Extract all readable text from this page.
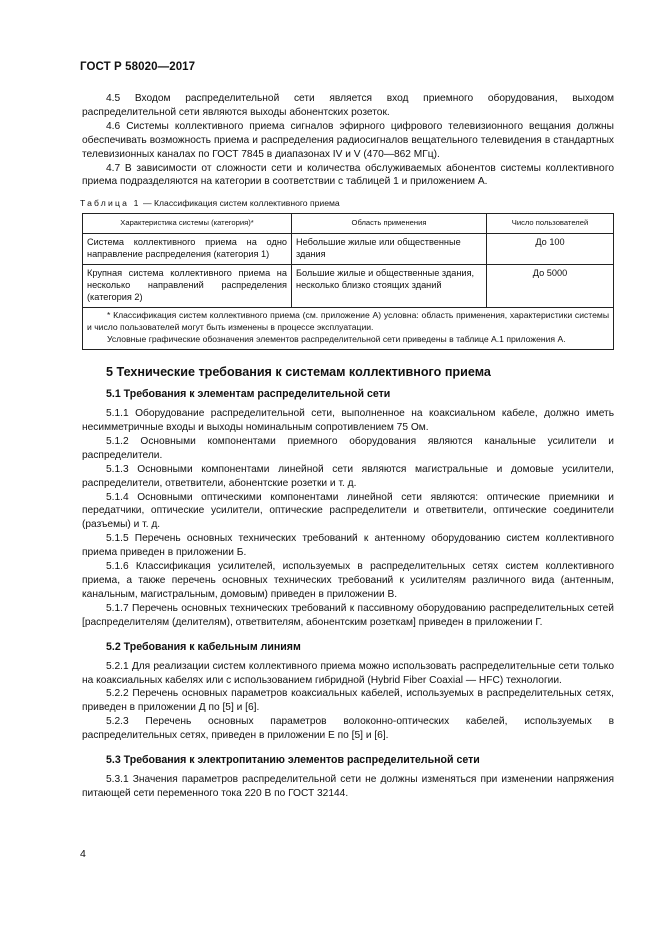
ГОСТ Р 58020—2017

4.5 Входом распределительной сети является вход приемного оборудования, выходом распределительной сети являются выходы абонентских розеток.

4.6 Системы коллективного приема сигналов эфирного цифрового телевизионного вещания должны обеспечивать возможность приема и распределения радиосигналов вещательного телевидения в стандартных телевизионных каналах по ГОСТ 7845 в диапазонах IV и V (470—862 МГц).

4.7 В зависимости от сложности сети и количества обслуживаемых абонентов системы коллективного приема подразделяются на категории в соответствии с таблицей 1 и приложением А.

Таблица 1 — Классификация систем коллективного приема

Характеристика системы (категория)*	Область применения	Число пользователей
Система коллективного приема на одно направление распределения (категория 1)	Небольшие жилые или общественные здания	До 100
Крупная система коллективного приема на несколько направлений распределения (категория 2)	Большие жилые и общественные здания, несколько близко стоящих зданий	До 5000

* Классификация систем коллективного приема (см. приложение А) условна: область применения, характеристики системы и число пользователей могут быть изменены в процессе эксплуатации.

Условные графические обозначения элементов распределительной сети приведены в таблице А.1 приложения А.		

5 Технические требования к системам коллективного приема
5.1 Требования к элементам распределительной сети

5.1.1 Оборудование распределительной сети, выполненное на коаксиальном кабеле, должно иметь несимметричные входы и выходы номинальным сопротивлением 75 Ом.

5.1.2 Основными компонентами приемного оборудования являются канальные усилители и распределители.

5.1.3 Основными компонентами линейной сети являются магистральные и домовые усилители, распределители, ответвители, абонентские розетки и т. д.

5.1.4 Основными оптическими компонентами линейной сети являются: оптические приемники и передатчики, оптические усилители, оптические распределители и ответвители, оптические соединители (разъемы) и т. д.

5.1.5 Перечень основных технических требований к антенному оборудованию систем коллективного приема приведен в приложении Б.

5.1.6 Классификация усилителей, используемых в распределительных сетях систем коллективного приема, а также перечень основных технических требований к усилителям различного вида (антенным, канальным, магистральным, домовым) приведен в приложении В.

5.1.7 Перечень основных технических требований к пассивному оборудованию распределительных сетей [распределителям (делителям), ответвителям, абонентским розеткам] приведен в приложении Г.

5.2 Требования к кабельным линиям

5.2.1 Для реализации систем коллективного приема можно использовать распределительные сети только на коаксиальных кабелях или с использованием гибридной (Hybrid Fiber Coaxial — HFC) технологии.

5.2.2 Перечень основных параметров коаксиальных кабелей, используемых в распределительных сетях, приведен в приложении Д по [5] и [6].

5.2.3 Перечень основных параметров волоконно-оптических кабелей, используемых в распределительных сетях, приведен в приложении Е по [5] и [6].

5.3 Требования к электропитанию элементов распределительной сети

5.3.1 Значения параметров распределительной сети не должны изменяться при изменении напряжения питающей сети переменного тока 220 В по ГОСТ 32144.

4
